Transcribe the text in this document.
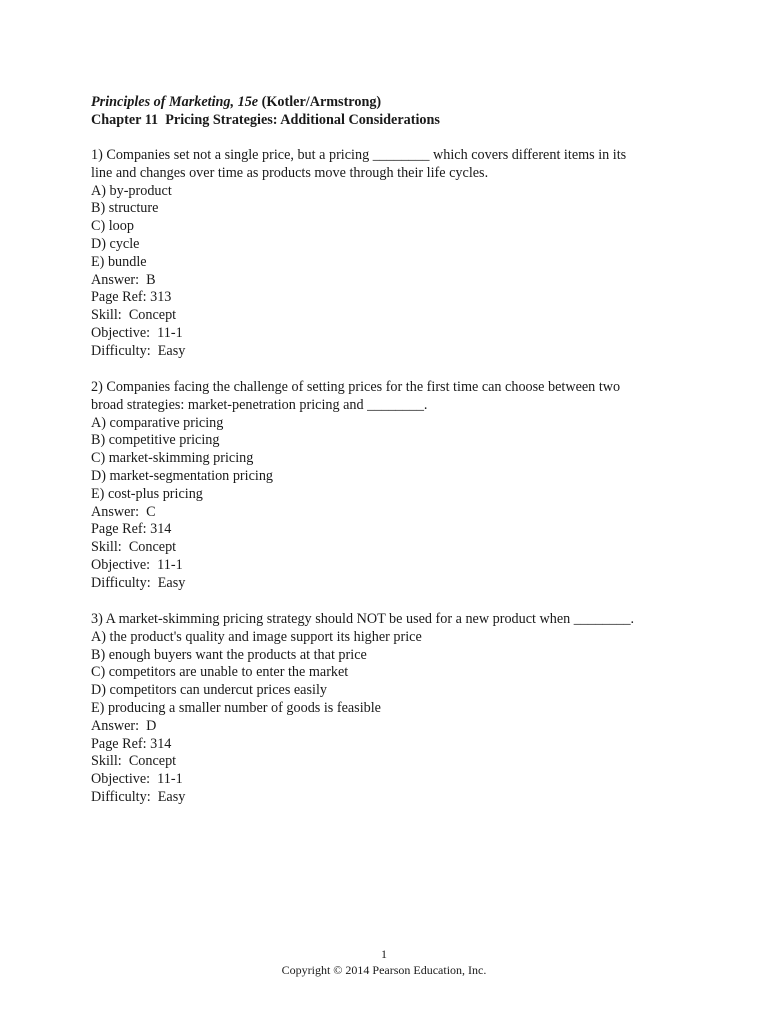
Principles of Marketing, 15e (Kotler/Armstrong)
Chapter 11  Pricing Strategies: Additional Considerations
1) Companies set not a single price, but a pricing ________ which covers different items in its
line and changes over time as products move through their life cycles.
A) by-product
B) structure
C) loop
D) cycle
E) bundle
Answer:  B
Page Ref: 313
Skill:  Concept
Objective:  11-1
Difficulty:  Easy
2) Companies facing the challenge of setting prices for the first time can choose between two
broad strategies: market-penetration pricing and ________.
A) comparative pricing
B) competitive pricing
C) market-skimming pricing
D) market-segmentation pricing
E) cost-plus pricing
Answer:  C
Page Ref: 314
Skill:  Concept
Objective:  11-1
Difficulty:  Easy
3) A market-skimming pricing strategy should NOT be used for a new product when ________.
A) the product's quality and image support its higher price
B) enough buyers want the products at that price
C) competitors are unable to enter the market
D) competitors can undercut prices easily
E) producing a smaller number of goods is feasible
Answer:  D
Page Ref: 314
Skill:  Concept
Objective:  11-1
Difficulty:  Easy
1
Copyright © 2014 Pearson Education, Inc.
